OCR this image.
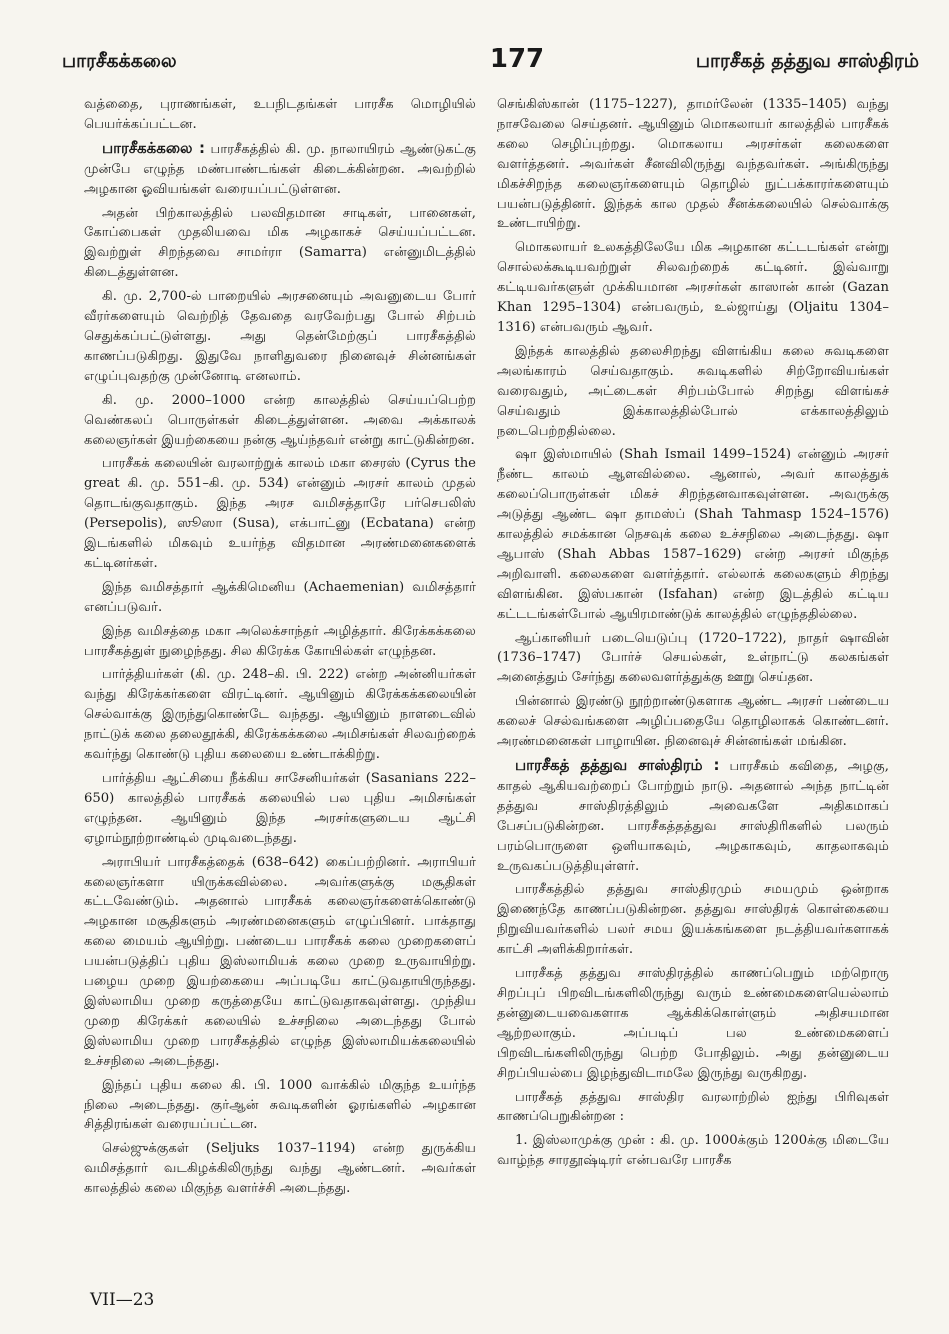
பாரசீகக்கலை	177	பாரசீகத் தத்துவ சாஸ்திரம்

வத்தைை, புராணங்கள், உபநிடதங்கள் பாரசீக மொழியில் பெயர்க்கப்பட்டன.

பாரசீகக்கலை : பாரசீகத்தில் கி. மு. நாலாயிரம் ஆண்டுகட்கு முன்பே எழுந்த மண்பாண்டங்கள் கிடைக்கின்றன. அவற்றில் அழகான ஓவியங்கள் வரையப்பட்டுள்ளன.

அதன் பிற்காலத்தில் பலவிதமான சாடிகள், பானைகள், கோப்பைகள் முதலியவை மிக அழகாகச் செய்யப்பட்டன. இவற்றுள் சிறந்தவை சாமர்ரா (Samarra) என்னுமிடத்தில் கிடைத்துள்ளன.

கி. மு. 2,700-ல் பாறையில் அரசனையும் அவனுடைய போர் வீரர்களையும் வெற்றித் தேவதை வரவேற்பது போல் சிற்பம் செதுக்கப்பட்டுள்ளது. அது தென்மேற்குப் பாரசீகத்தில் காணப்படுகிறது. இதுவே நாளிதுவரை நினைவுச் சின்னங்கள் எழுப்புவதற்கு முன்னோடி எனலாம்.

கி. மு. 2000–1000 என்ற காலத்தில் செய்யப்பெற்ற வெண்கலப் பொருள்கள் கிடைத்துள்ளன. அவை அக்காலக் கலைஞர்கள் இயற்கையை நன்கு ஆய்ந்தவர் என்று காட்டுகின்றன.

பாரசீகக் கலையின் வரலாற்றுக் காலம் மகா சைரஸ் (Cyrus the great கி. மு. 551–கி. மு. 534) என்னும் அரசர் காலம் முதல் தொடங்குவதாகும். இந்த அரச வமிசத்தாரே பர்செபலிஸ் (Persepolis), ஸூஸா (Susa), எக்பாட்னு (Ecbatana) என்ற இடங்களில் மிகவும் உயர்ந்த விதமான அரண்மனைகளைக் கட்டினர்கள்.

இந்த வமிசத்தார் ஆக்கிமெனிய (Achaemenian) வமிசத்தார் எனப்படுவர்.

இந்த வமிசத்தை மகா அலெக்சாந்தர் அழித்தார். கிரேக்கக்கலை பாரசீகத்துள் நுழைந்தது. சில கிரேக்க கோயில்கள் எழுந்தன.

பார்த்தியர்கள் (கி. மு. 248–கி. பி. 222) என்ற அன்னியர்கள் வந்து கிரேக்கர்களை விரட்டினர். ஆயினும் கிரேக்கக்கலையின் செல்வாக்கு இருந்துகொண்டே வந்தது. ஆயினும் நாளடைவில் நாட்டுக் கலை தலைதூக்கி, கிரேக்கக்கலை அமிசங்கள் சிலவற்றைக் கவர்ந்து கொண்டு புதிய கலையை உண்டாக்கிற்று.

பார்த்திய ஆட்சியை நீக்கிய சாசேனியர்கள் (Sasanians 222–650) காலத்தில் பாரசீகக் கலையில் பல புதிய அமிசங்கள் எழுந்தன. ஆயினும் இந்த அரசர்களுடைய ஆட்சி ஏழாம்நூற்றாண்டில் முடிவடைந்தது.

அராபியர் பாரசீகத்தைக் (638–642) கைப்பற்றினர். அராபியர் கலைஞர்களா யிருக்கவில்லை. அவர்களுக்கு மசூதிகள் கட்டவேண்டும். அதனால் பாரசீகக் கலைஞர்களைக்கொண்டு அழகான மசூதிகளும் அரண்மனைகளும் எழுப்பினர். பாக்தாது கலை மையம் ஆயிற்று. பண்டைய பாரசீகக் கலை முறைகளைப் பயன்படுத்திப் புதிய இஸ்லாமியக் கலை முறை உருவாயிற்று. பழைய முறை இயற்கையை அப்படியே காட்டுவதாயிருந்தது. இஸ்லாமிய முறை கருத்தையே காட்டுவதாகவுள்ளது. முந்திய முறை கிரேக்கர் கலையில் உச்சநிலை அடைந்தது போல் இஸ்லாமிய முறை பாரசீகத்தில் எழுந்த இஸ்லாமியக்கலையில் உச்சநிலை அடைந்தது.

இந்தப் புதிய கலை கி. பி. 1000 வாக்கில் மிகுந்த உயர்ந்த நிலை அடைந்தது. குர்ஆன் சுவடிகளின் ஓரங்களில் அழகான சித்திரங்கள் வரையப்பட்டன.

செல்ஜுக்குகள் (Seljuks 1037–1194) என்ற துருக்கிய வமிசத்தார் வடகிழக்கிலிருந்து வந்து ஆண்டனர். அவர்கள் காலத்தில் கலை மிகுந்த வளர்ச்சி அடைந்தது.

செங்கிஸ்கான் (1175–1227), தாமர்லேன் (1335–1405) வந்து நாசவேலை செய்தனர். ஆயினும் மொகலாயர் காலத்தில் பாரசீகக் கலை செழிப்புற்றது. மொகலாய அரசர்கள் கலைகளை வளர்த்தனர். அவர்கள் சீனவிலிருந்து வந்தவர்கள். அங்கிருந்து மிகச்சிறந்த கலைஞர்களையும் தொழில் நுட்பக்காரர்களையும் பயன்படுத்தினர். இந்தக் கால முதல் சீனக்கலையில் செல்வாக்கு உண்டாயிற்று.

மொகலாயர் உலகத்திலேயே மிக அழகான கட்டடங்கள் என்று சொல்லக்கூடியவற்றுள் சிலவற்றைக் கட்டினர். இவ்வாறு கட்டியவர்களுள் முக்கியமான அரசர்கள் காஸான் கான் (Gazan Khan 1295–1304) என்பவரும், உல்ஜாய்து (Oljaitu 1304–1316) என்பவரும் ஆவர்.

இந்தக் காலத்தில் தலைசிறந்து விளங்கிய கலை சுவடிகளை அலங்காரம் செய்வதாகும். சுவடிகளில் சிற்றோவியங்கள் வரைவதும், அட்டைகள் சிற்பம்போல் சிறந்து விளங்கச் செய்வதும் இக்காலத்தில்போல் எக்காலத்திலும் நடைபெற்றதில்லை.

ஷா இஸ்மாயில் (Shah Ismail 1499–1524) என்னும் அரசர் நீண்ட காலம் ஆளவில்லை. ஆனால், அவர் காலத்துக் கலைப்பொருள்கள் மிகச் சிறந்தனவாகவுள்ளன. அவருக்கு அடுத்து ஆண்ட ஷா தாமஸ்ப் (Shah Tahmasp 1524–1576) காலத்தில் சமக்கான நெசவுக் கலை உச்சநிலை அடைந்தது. ஷா ஆபாஸ் (Shah Abbas 1587–1629) என்ற அரசர் மிகுந்த அறிவாளி. கலைகளை வளர்த்தார். எல்லாக் கலைகளும் சிறந்து விளங்கின. இஸ்பகான் (Isfahan) என்ற இடத்தில் கட்டிய கட்டடங்கள்போல் ஆயிரமாண்டுக் காலத்தில் எழுந்ததில்லை.

ஆப்கானியர் படையெடுப்பு (1720–1722), நாதர் ஷாவின் (1736–1747) போர்ச் செயல்கள், உள்நாட்டு கலகங்கள் அனைத்தும் சேர்ந்து கலைவளர்த்துக்கு ஊறு செய்தன.

பின்னால் இரண்டு நூற்றாண்டுகளாக ஆண்ட அரசர் பண்டைய கலைச் செல்வங்களை அழிப்பதையே தொழிலாகக் கொண்டனர். அரண்மனைகள் பாழாயின. நினைவுச் சின்னங்கள் மங்கின.

பாரசீகத் தத்துவ சாஸ்திரம் : பாரசீகம் கவிதை, அழகு, காதல் ஆகியவற்றைப் போற்றும் நாடு. அதனால் அந்த நாட்டின் தத்துவ சாஸ்திரத்திலும் அவைகளே அதிகமாகப் பேசப்படுகின்றன. பாரசீகத்தத்துவ சாஸ்திரிகளில் பலரும் பரம்பொருளை ஒளியாகவும், அழகாகவும், காதலாகவும் உருவகப்படுத்தியுள்ளர்.

பாரசீகத்தில் தத்துவ சாஸ்திரமும் சமயமும் ஒன்றாக இணைந்தே காணப்படுகின்றன. தத்துவ சாஸ்திரக் கொள்கையை நிறுவியவர்களில் பலர் சமய இயக்கங்களை நடத்தியவர்களாகக் காட்சி அளிக்கிறார்கள்.

பாரசீகத் தத்துவ சாஸ்திரத்தில் காணப்பெறும் மற்றொரு சிறப்புப் பிறவிடங்களிலிருந்து வரும் உண்மைகளையெல்லாம் தன்னுடையவைகளாக ஆக்கிக்கொள்ளும் அதிசயமான ஆற்றலாகும். அப்படிப் பல உண்மைகளைப் பிறவிடங்களிலிருந்து பெற்ற போதிலும். அது தன்னுடைய சிறப்பியல்பை இழந்துவிடாமலே இருந்து வருகிறது.

பாரசீகத் தத்துவ சாஸ்திர வரலாற்றில் ஐந்து பிரிவுகள் காணப்பெறுகின்றன :

1. இஸ்லாமுக்கு முன் : கி. மு. 1000க்கும் 1200க்கு மிடையே வாழ்ந்த சாரதூஷ்டிரர் என்பவரே பாரசீக

VII—23
